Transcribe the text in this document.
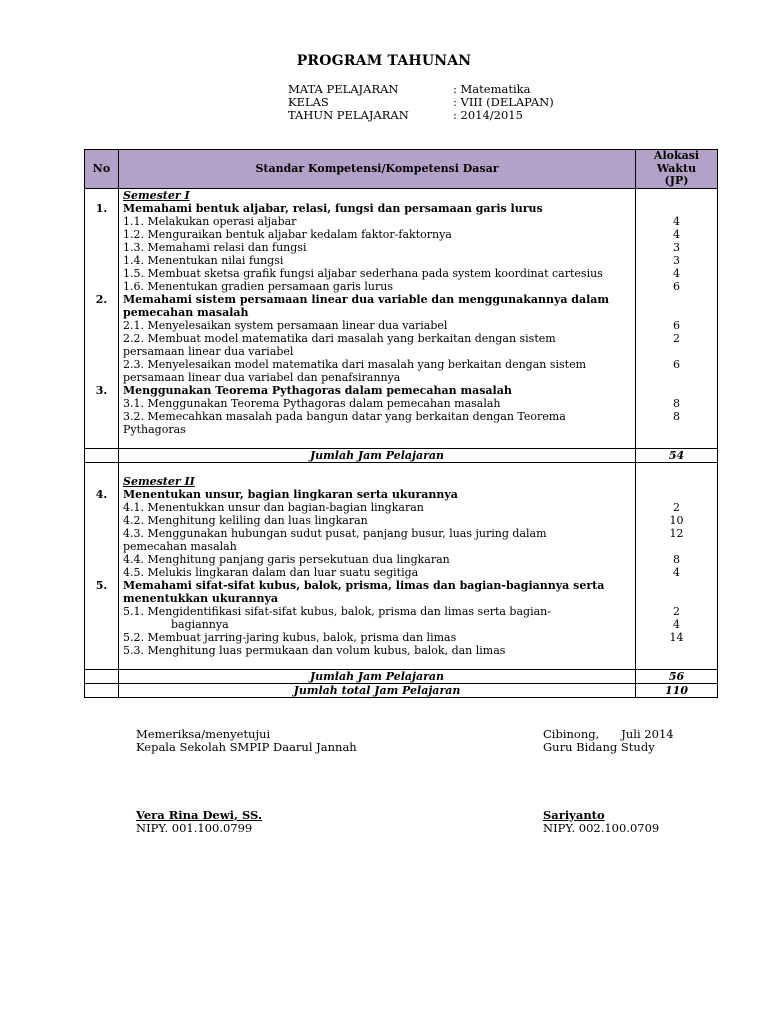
PROGRAM TAHUNAN
MATA PELAJARAN	: Matematika
KELAS	: VIII (DELAPAN)
TAHUN PELAJARAN	: 2014/2015
No	Standar Kompetensi/Kompetensi Dasar	Alokasi Waktu (JP)
	Semester I	
1.	Memahami bentuk aljabar, relasi, fungsi dan persamaan garis lurus	
	1.1. Melakukan operasi aljabar	4
	1.2. Menguraikan bentuk aljabar kedalam faktor-faktornya	4
	1.3. Memahami relasi dan fungsi	3
	1.4. Menentukan nilai fungsi	3
	1.5. Membuat sketsa grafik fungsi aljabar sederhana pada system koordinat cartesius	4
	1.6. Menentukan gradien persamaan garis lurus	6
2.	Memahami sistem persamaan linear dua variable dan menggunakannya dalam	
	pemecahan masalah	
	2.1. Menyelesaikan system persamaan linear dua variabel	6
	2.2. Membuat model matematika dari masalah yang berkaitan dengan sistem	2
	persamaan linear dua variabel	
	2.3. Menyelesaikan model matematika dari masalah yang berkaitan dengan sistem	6
	persamaan linear dua variabel dan penafsirannya	
3.	Menggunakan Teorema Pythagoras dalam pemecahan masalah	
	3.1. Menggunakan Teorema Pythagoras dalam pemecahan masalah	8
	3.2. Memecahkan masalah pada bangun datar yang berkaitan dengan Teorema	8
	Pythagoras	

	Jumlah Jam Pelajaran	54

	Semester II	
4.	Menentukan unsur, bagian lingkaran serta ukurannya	
	4.1. Menentukkan unsur dan bagian-bagian lingkaran	2
	4.2. Menghitung keliling dan luas lingkaran	10
	4.3. Menggunakan hubungan sudut pusat, panjang busur, luas juring dalam	12
	pemecahan masalah	
	4.4. Menghitung panjang garis persekutuan dua lingkaran	8
	4.5. Melukis lingkaran dalam dan luar suatu segitiga	4
5.	Memahami sifat-sifat kubus, balok, prisma, limas dan bagian-bagiannya serta	
	menentukkan ukurannya	
	5.1. Mengidentifikasi sifat-sifat kubus, balok, prisma dan limas serta bagian-	2
	bagiannya	4
	5.2. Membuat jarring-jaring kubus, balok, prisma dan limas	14
	5.3. Menghitung luas permukaan dan volum kubus, balok, dan limas	

	Jumlah Jam Pelajaran	56
	Jumlah total Jam Pelajaran	110
Memeriksa/menyetujui
Kepala Sekolah SMPIP Daarul Jannah
Vera Rina Dewi, SS.
NIPY. 001.100.0799
Cibinong, Juli 2014
Guru Bidang Study
Sariyanto
NIPY. 002.100.0709
